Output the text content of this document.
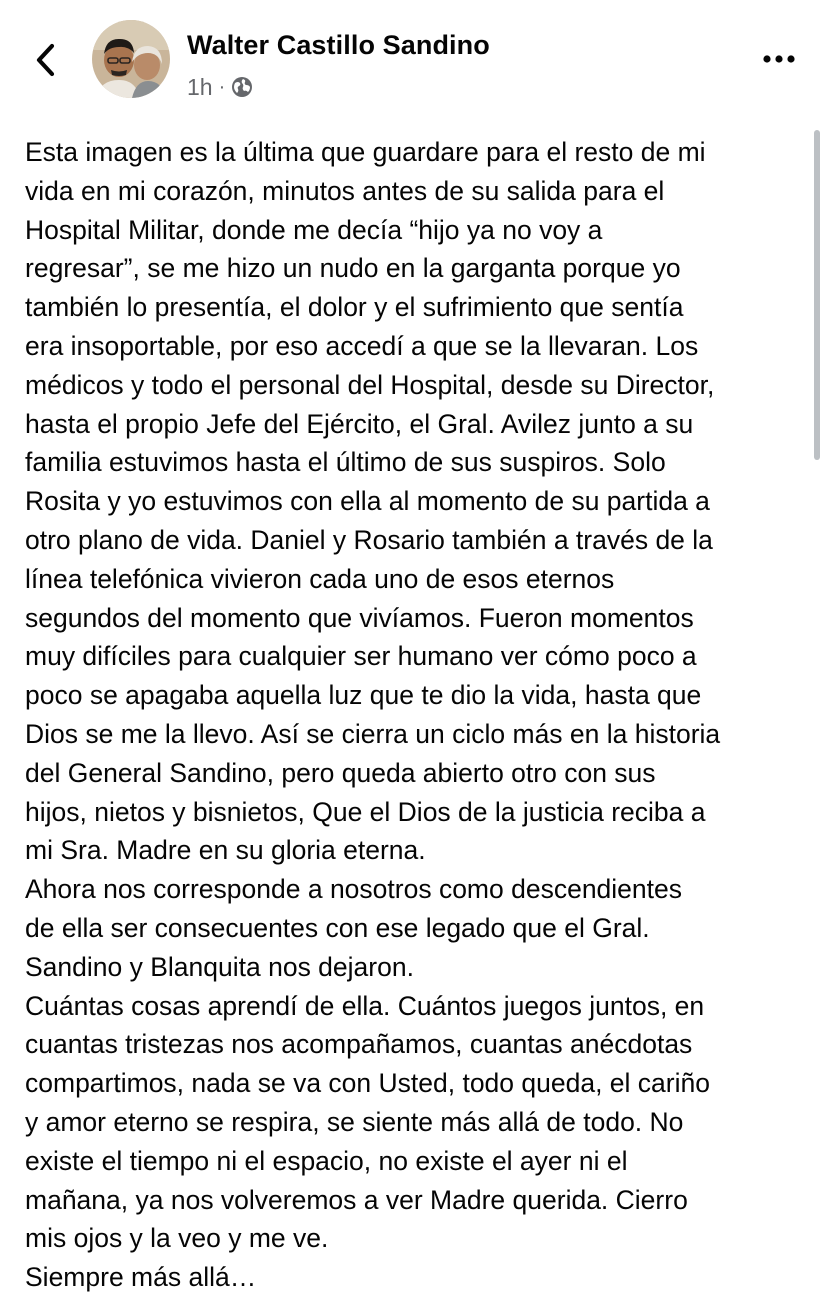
Walter Castillo Sandino
1h ·
Esta imagen es la última que guardare para el resto de mi
vida en mi corazón, minutos antes de su salida para el
Hospital Militar, donde me decía “hijo ya no voy a
regresar”, se me hizo un nudo en la garganta porque yo
también lo presentía, el dolor y el sufrimiento que sentía
era insoportable, por eso accedí a que se la llevaran. Los
médicos y todo el personal del Hospital, desde su Director,
hasta el propio Jefe del Ejército, el Gral. Avilez junto a su
familia estuvimos hasta el último de sus suspiros. Solo
Rosita y yo estuvimos con ella al momento de su partida a
otro plano de vida. Daniel y Rosario también a través de la
línea telefónica vivieron cada uno de esos eternos
segundos del momento que vivíamos. Fueron momentos
muy difíciles para cualquier ser humano ver cómo poco a
poco se apagaba aquella luz que te dio la vida, hasta que
Dios se me la llevo. Así se cierra un ciclo más en la historia
del General Sandino, pero queda abierto otro con sus
hijos, nietos y bisnietos, Que el Dios de la justicia reciba a
mi Sra. Madre en su gloria eterna.
Ahora nos corresponde a nosotros como descendientes
de ella ser consecuentes con ese legado que el Gral.
Sandino y Blanquita nos dejaron.
Cuántas cosas aprendí de ella. Cuántos juegos juntos, en
cuantas tristezas nos acompañamos, cuantas anécdotas
compartimos, nada se va con Usted, todo queda, el cariño
y amor eterno se respira, se siente más allá de todo. No
existe el tiempo ni el espacio, no existe el ayer ni el
mañana, ya nos volveremos a ver Madre querida. Cierro
mis ojos y la veo y me ve.
Siempre más allá…
